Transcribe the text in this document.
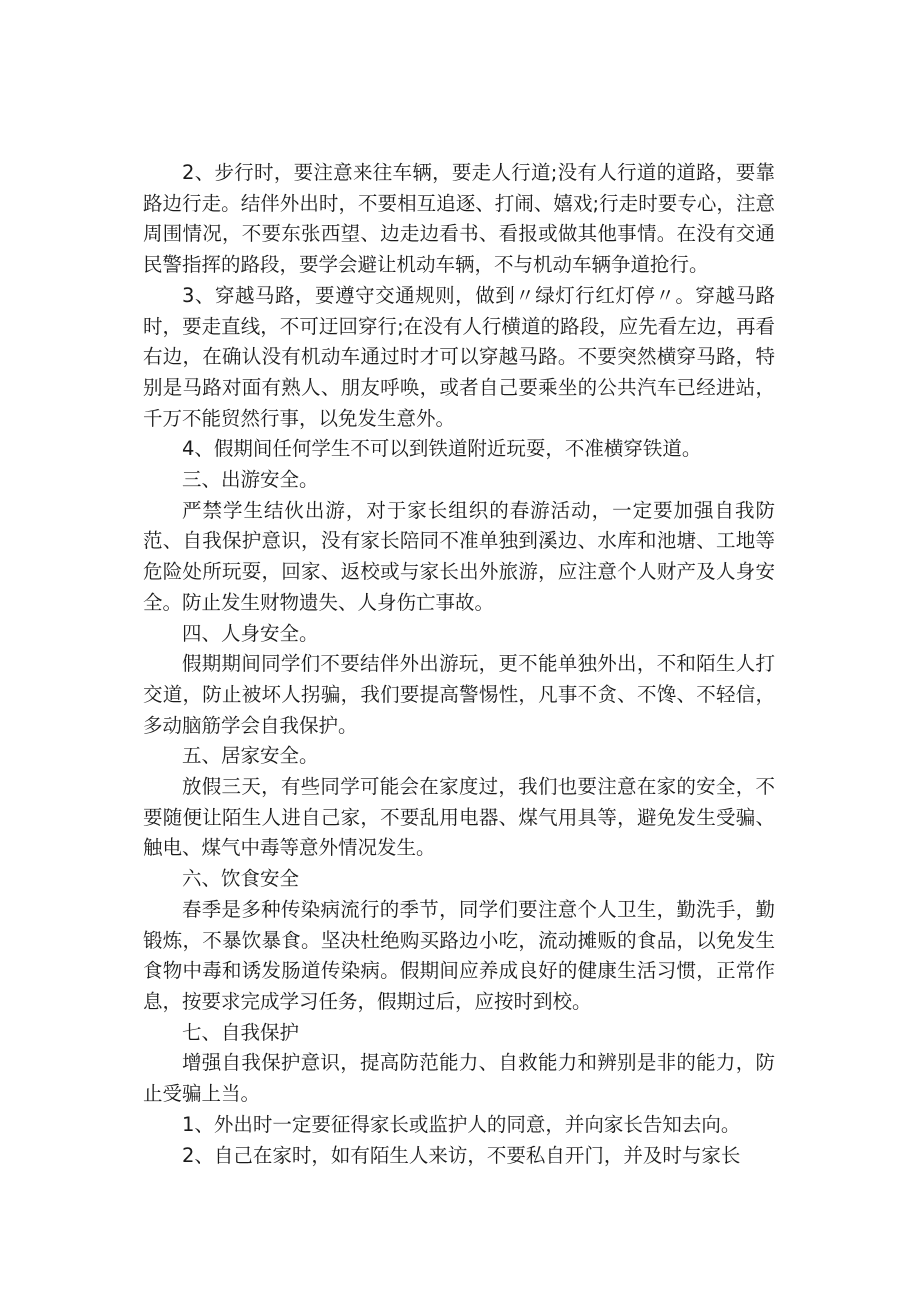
2、步行时，要注意来往车辆，要走人行道;没有人行道的道路，要靠路边行走。结伴外出时，不要相互追逐、打闹、嬉戏;行走时要专心，注意周围情况，不要东张西望、边走边看书、看报或做其他事情。在没有交通民警指挥的路段，要学会避让机动车辆，不与机动车辆争道抢行。

3、穿越马路，要遵守交通规则，做到〃绿灯行红灯停〃。穿越马路时，要走直线，不可迂回穿行;在没有人行横道的路段，应先看左边，再看右边，在确认没有机动车通过时才可以穿越马路。不要突然横穿马路，特别是马路对面有熟人、朋友呼唤，或者自己要乘坐的公共汽车已经进站，千万不能贸然行事，以免发生意外。

4、假期间任何学生不可以到铁道附近玩耍，不准横穿铁道。

三、出游安全。

严禁学生结伙出游，对于家长组织的春游活动，一定要加强自我防范、自我保护意识，没有家长陪同不准单独到溪边、水库和池塘、工地等危险处所玩耍，回家、返校或与家长出外旅游，应注意个人财产及人身安全。防止发生财物遗失、人身伤亡事故。

四、人身安全。

假期期间同学们不要结伴外出游玩，更不能单独外出，不和陌生人打交道，防止被坏人拐骗，我们要提高警惕性，凡事不贪、不馋、不轻信，多动脑筋学会自我保护。

五、居家安全。

放假三天，有些同学可能会在家度过，我们也要注意在家的安全，不要随便让陌生人进自己家，不要乱用电器、煤气用具等，避免发生受骗、触电、煤气中毒等意外情况发生。

六、饮食安全

春季是多种传染病流行的季节，同学们要注意个人卫生，勤洗手，勤锻炼，不暴饮暴食。坚决杜绝购买路边小吃，流动摊贩的食品，以免发生食物中毒和诱发肠道传染病。假期间应养成良好的健康生活习惯，正常作息，按要求完成学习任务，假期过后，应按时到校。

七、自我保护

增强自我保护意识，提高防范能力、自救能力和辨别是非的能力，防止受骗上当。

1、外出时一定要征得家长或监护人的同意，并向家长告知去向。

2、自己在家时，如有陌生人来访，不要私自开门，并及时与家长
